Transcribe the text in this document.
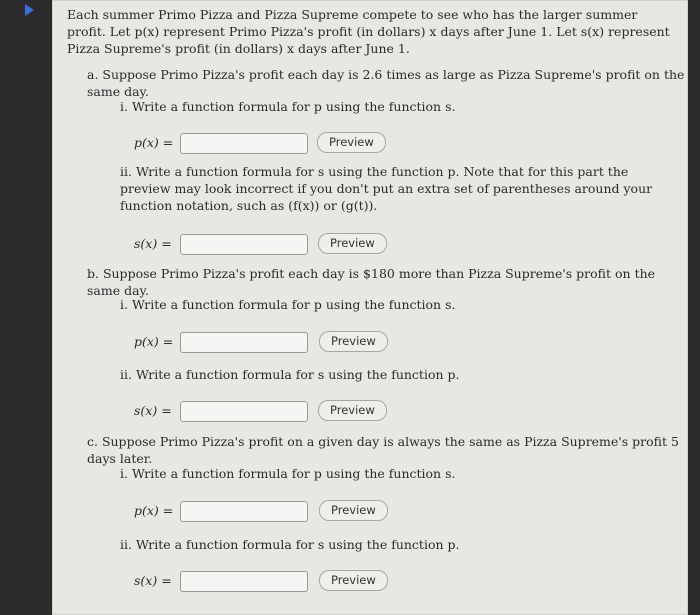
Each summer Primo Pizza and Pizza Supreme compete to see who has the larger summer profit. Let p(x) represent Primo Pizza's profit (in dollars) x days after June 1. Let s(x) represent Pizza Supreme's profit (in dollars) x days after June 1.
a. Suppose Primo Pizza's profit each day is 2.6 times as large as Pizza Supreme's profit on the same day.
i. Write a function formula for p using the function s.
p(x) =	Preview
ii. Write a function formula for s using the function p. Note that for this part the preview may look incorrect if you don't put an extra set of parentheses around your function notation, such as (f(x)) or (g(t)).
s(x) =	Preview
b. Suppose Primo Pizza's profit each day is $180 more than Pizza Supreme's profit on the same day.
i. Write a function formula for p using the function s.
p(x) =	Preview
ii. Write a function formula for s using the function p.
s(x) =	Preview
c. Suppose Primo Pizza's profit on a given day is always the same as Pizza Supreme's profit 5 days later.
i. Write a function formula for p using the function s.
p(x) =	Preview
ii. Write a function formula for s using the function p.
s(x) =	Preview
